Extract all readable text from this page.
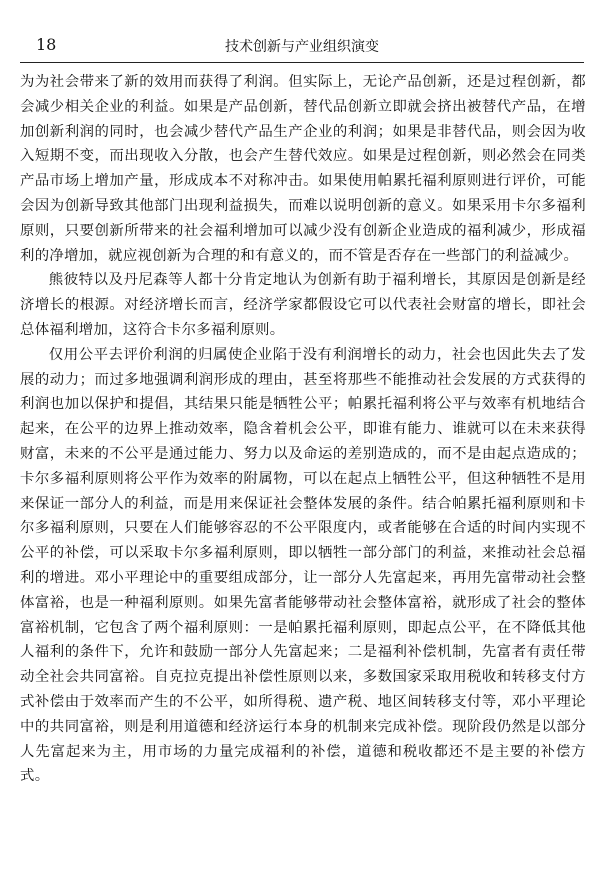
18	技术创新与产业组织演变

为为社会带来了新的效用而获得了利润。但实际上，无论产品创新，还是过程创新，都会减少相关企业的利益。如果是产品创新，替代品创新立即就会挤出被替代产品，在增加创新利润的同时，也会减少替代产品生产企业的利润；如果是非替代品，则会因为收入短期不变，而出现收入分散，也会产生替代效应。如果是过程创新，则必然会在同类产品市场上增加产量，形成成本不对称冲击。如果使用帕累托福利原则进行评价，可能会因为创新导致其他部门出现利益损失，而难以说明创新的意义。如果采用卡尔多福利原则，只要创新所带来的社会福利增加可以减少没有创新企业造成的福利减少，形成福利的净增加，就应视创新为合理的和有意义的，而不管是否存在一些部门的利益减少。

熊彼特以及丹尼森等人都十分肯定地认为创新有助于福利增长，其原因是创新是经济增长的根源。对经济增长而言，经济学家都假设它可以代表社会财富的增长，即社会总体福利增加，这符合卡尔多福利原则。

仅用公平去评价利润的归属使企业陷于没有利润增长的动力，社会也因此失去了发展的动力；而过多地强调利润形成的理由，甚至将那些不能推动社会发展的方式获得的利润也加以保护和提倡，其结果只能是牺牲公平；帕累托福利将公平与效率有机地结合起来，在公平的边界上推动效率，隐含着机会公平，即谁有能力、谁就可以在未来获得财富，未来的不公平是通过能力、努力以及命运的差别造成的，而不是由起点造成的；卡尔多福利原则将公平作为效率的附属物，可以在起点上牺牲公平，但这种牺牲不是用来保证一部分人的利益，而是用来保证社会整体发展的条件。结合帕累托福利原则和卡尔多福利原则，只要在人们能够容忍的不公平限度内，或者能够在合适的时间内实现不公平的补偿，可以采取卡尔多福利原则，即以牺牲一部分部门的利益，来推动社会总福利的增进。邓小平理论中的重要组成部分，让一部分人先富起来，再用先富带动社会整体富裕，也是一种福利原则。如果先富者能够带动社会整体富裕，就形成了社会的整体富裕机制，它包含了两个福利原则：一是帕累托福利原则，即起点公平，在不降低其他人福利的条件下，允许和鼓励一部分人先富起来；二是福利补偿机制，先富者有责任带动全社会共同富裕。自克拉克提出补偿性原则以来，多数国家采取用税收和转移支付方式补偿由于效率而产生的不公平，如所得税、遗产税、地区间转移支付等，邓小平理论中的共同富裕，则是利用道德和经济运行本身的机制来完成补偿。现阶段仍然是以部分人先富起来为主，用市场的力量完成福利的补偿，道德和税收都还不是主要的补偿方式。
